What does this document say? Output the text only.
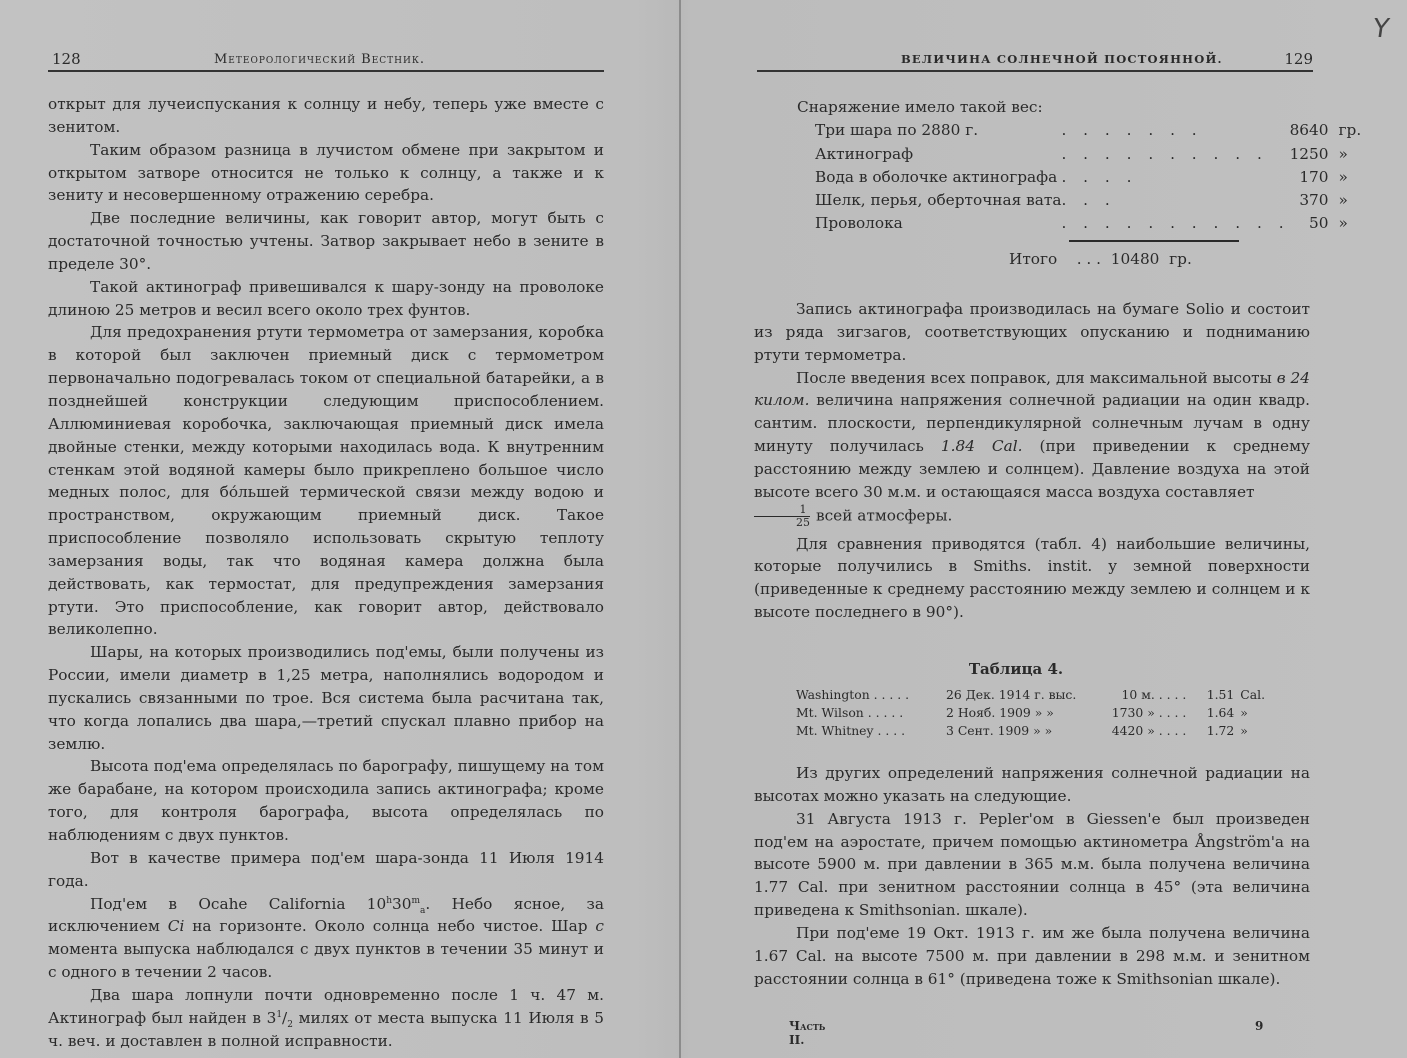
128	Метеорологический Вестник.

открыт для лучеиспускания к солнцу и небу, теперь уже вместе с зенитом.

Таким образом разница в лучистом обмене при закрытом и открытом затворе относится не только к солнцу, а также и к зениту и несовершенному отражению серебра.

Две последние величины, как говорит автор, могут быть с достаточной точностью учтены. Затвор закрывает небо в зените в пределе 30°.

Такой актинограф привешивался к шару-зонду на проволоке длиною 25 метров и весил всего около трех фунтов.

Для предохранения ртути термометра от замерзания, коробка в которой был заключен приемный диск с термометром первоначально подогревалась током от специальной батарейки, а в позднейшей конструкции следующим приспособлением. Аллюминиевая коробочка, заключающая приемный диск имела двойные стенки, между которыми находилась вода. К внутренним стенкам этой водяной камеры было прикреплено большое число медных полос, для бо́льшей термической связи между водою и пространством, окружающим приемный диск. Такое приспособление позволяло использовать скрытую теплоту замерзания воды, так что водяная камера должна была действовать, как термостат, для предупреждения замерзания ртути. Это приспособление, как говорит автор, действовало великолепно.

Шары, на которых производились под'емы, были получены из России, имели диаметр в 1,25 метра, наполнялись водородом и пускались связанными по трое. Вся система была расчитана так, что когда лопались два шара,—третий спускал плавно прибор на землю.

Высота под'ема определялась по барографу, пишущему на том же барабане, на котором происходила запись актинографа; кроме того, для контроля барографа, высота определялась по наблюдениям с двух пунктов.

Вот в качестве примера под'ем шара-зонда 11 Июля 1914 года.

Под'ем в Ocahe California $10^h30^m_a$. Небо ясное, за исключением Ci на горизонте. Около солнца небо чистое. Шар c момента выпуска наблюдался с двух пунктов в течении 35 минут и с одного в течении 2 часов.

Два шара лопнули почти одновременно после 1 ч. 47 м. Актинограф был найден в $3^1/_2$ милях от места выпуска 11 Июля в 5 ч. веч. и доставлен в полной исправности.

Y
ВЕЛИЧИНА СОЛНЕЧНОЙ ПОСТОЯННОЙ.	129
Снаряжение имело такой вес:
Три шара по 2880 г.	. . . . . . .	8640	гр.
Актинограф	. . . . . . . . . .	1250	»
Вода в оболочке актинографа	. . . .	170	»
Шелк, перья, оберточная вата	. . .	370	»
Проволока	. . . . . . . . . . .	50	»
Итого . . . 10480 гр.

Запись актинографа производилась на бумаге Solio и состоит из ряда зигзагов, соответствующих опусканию и подниманию ртути термометра.

После введения всех поправок, для максимальной высоты в 24 килом. величина напряжения солнечной радиации на один квадр. сантим. плоскости, перпендикулярной солнечным лучам в одну минуту получилась 1.84 Cal. (при приведении к среднему расстоянию между землею и солнцем). Давление воздуха на этой высоте всего 30 м.м. и остающаяся масса воздуха составляет

$\frac{1}{25}$ всей атмосферы.

Для сравнения приводятся (табл. 4) наибольшие величины, которые получились в Smiths. instit. у земной поверхности (приведенные к среднему расстоянию между землею и солнцем и к высоте последнего в 90°).

Таблица 4.
Washington . . . . .	26 Дек. 1914 г. выс.	10 м. . . . .	1.51	Cal.
Mt. Wilson . . . . .	2 Нояб. 1909 » »	1730 » . . . .	1.64	»
Mt. Whitney . . . .	3 Сент. 1909 » »	4420 » . . . .	1.72	»

Из других определений напряжения солнечной радиации на высотах можно указать на следующие.

31 Августа 1913 г. Pepler'ом в Giessen'е был произведен под'ем на аэростате, причем помощью актинометра Ångström'а на высоте 5900 м. при давлении в 365 м.м. была получена величина 1.77 Cal. при зенитном расстоянии солнца в 45° (эта величина приведена к Smithsonian. шкале).

При под'еме 19 Окт. 1913 г. им же была получена величина 1.67 Cal. на высоте 7500 м. при давлении в 298 м.м. и зенитном расстоянии солнца в 61° (приведена тоже к Smithsonian шкале).

Часть II.
9
